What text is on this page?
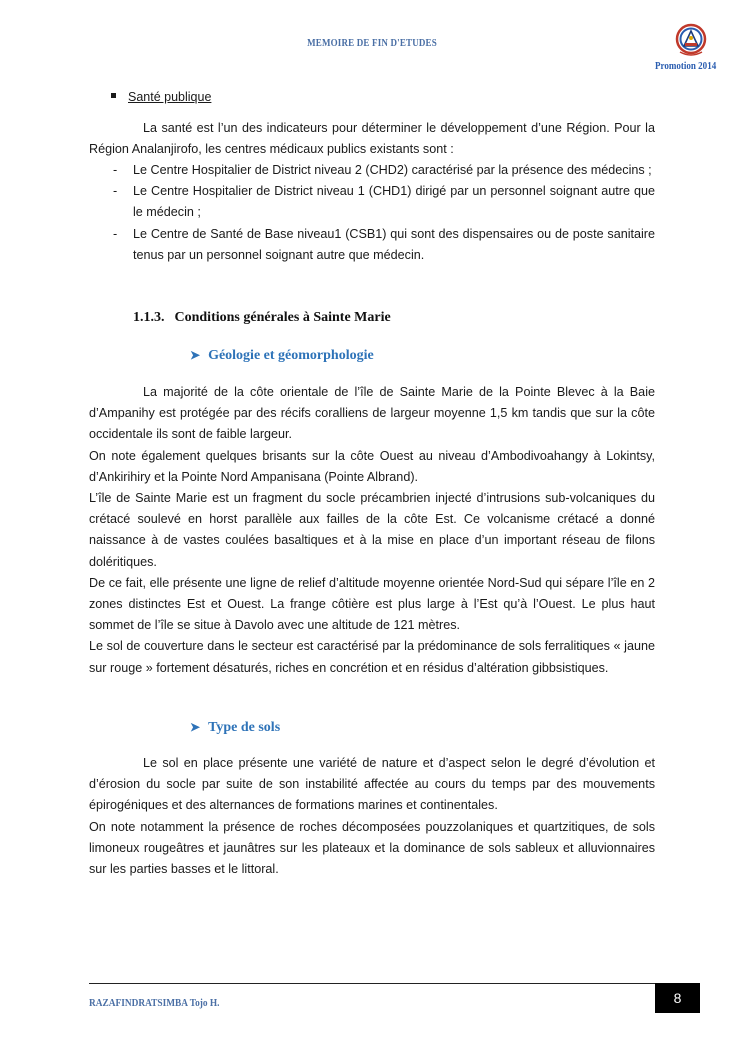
MEMOIRE DE FIN D'ETUDES
Promotion 2014
Santé publique

La santé est l’un des indicateurs pour déterminer le développement d’une Région. Pour la Région Analanjirofo, les centres médicaux publics existants sont :

- Le Centre Hospitalier de District niveau 2 (CHD2) caractérisé par la présence des médecins ;
- Le Centre Hospitalier de District niveau 1 (CHD1) dirigé par un personnel soignant autre que le médecin ;
- Le Centre de Santé de Base niveau1 (CSB1) qui sont des dispensaires ou de poste sanitaire tenus par un personnel soignant autre que médecin.
1.1.3. Conditions générales à Sainte Marie
➤ Géologie et géomorphologie

La majorité de la côte orientale de l’île de Sainte Marie de la Pointe Blevec à la Baie d’Ampanihy est protégée par des récifs coralliens de largeur moyenne 1,5 km tandis que sur la côte occidentale ils sont de faible largeur.

On note également quelques brisants sur la côte Ouest au niveau d’Ambodivoahangy à Lokintsy, d’Ankirihiry et la Pointe Nord Ampanisana (Pointe Albrand).

L’île de Sainte Marie est un fragment du socle précambrien injecté d’intrusions sub-volcaniques du crétacé soulevé en horst parallèle aux failles de la côte Est. Ce volcanisme crétacé a donné naissance à de vastes coulées basaltiques et à la mise en place d’un important réseau de filons doléritiques.

De ce fait, elle présente une ligne de relief d’altitude moyenne orientée Nord-Sud qui sépare l’île en 2 zones distinctes Est et Ouest. La frange côtière est plus large à l’Est qu’à l’Ouest. Le plus haut sommet de l’île se situe à Davolo avec une altitude de 121 mètres.

Le sol de couverture dans le secteur est caractérisé par la prédominance de sols ferralitiques « jaune sur rouge » fortement désaturés, riches en concrétion et en résidus d’altération gibbsistiques.

➤ Type de sols

Le sol en place présente une variété de nature et d’aspect selon le degré d’évolution et d’érosion du socle par suite de son instabilité affectée au cours du temps par des mouvements épirogéniques et des alternances de formations marines et continentales.

On note notamment la présence de roches décomposées pouzzolaniques et quartzitiques, de sols limoneux rougeâtres et jaunâtres sur les plateaux et la dominance de sols sableux et alluvionnaires sur les parties basses et le littoral.

RAZAFINDRATSIMBA Tojo H.	8
